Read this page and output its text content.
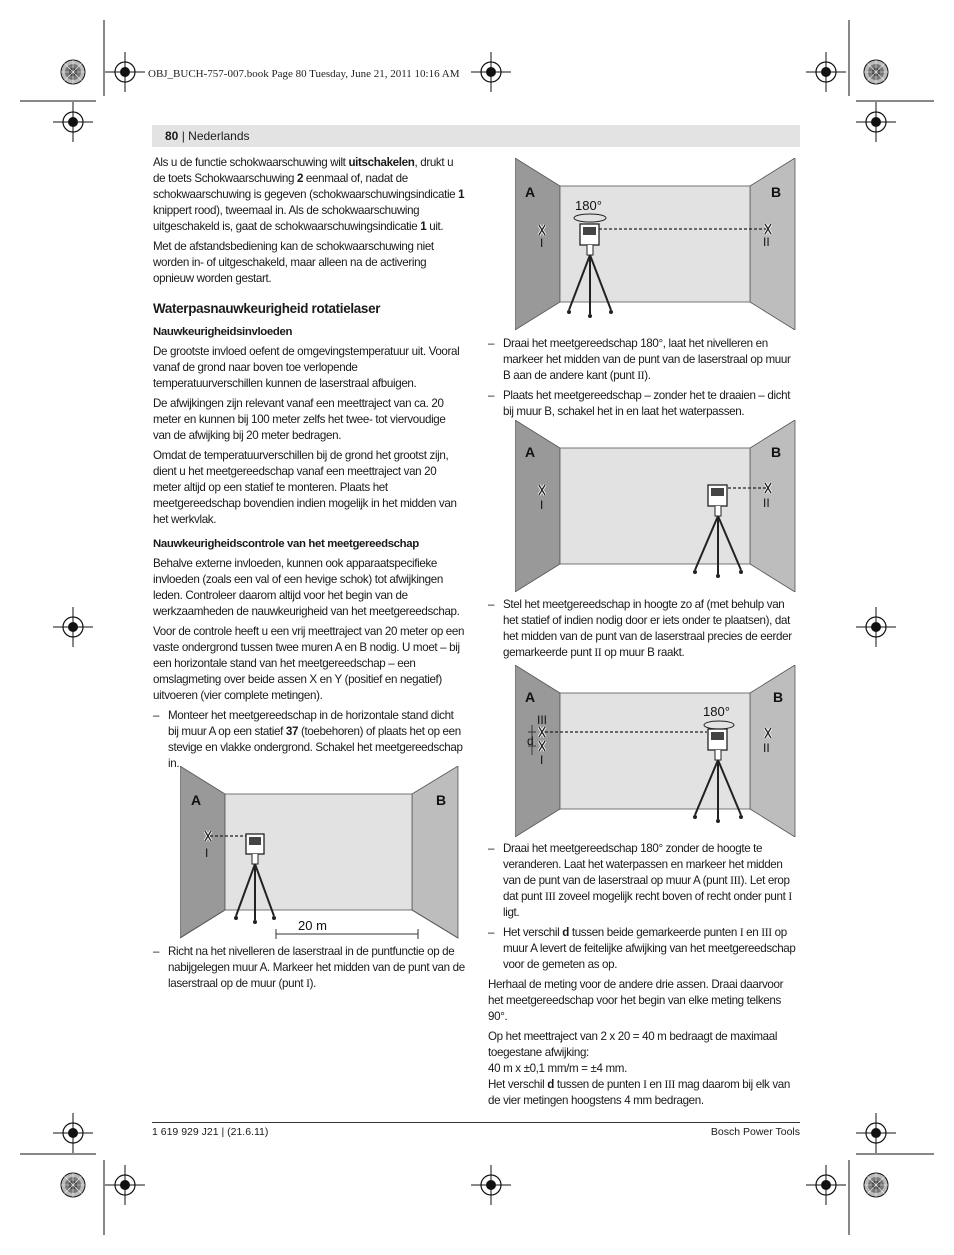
OBJ_BUCH-757-007.book Page 80 Tuesday, June 21, 2011 10:16 AM
80 | Nederlands

Als u de functie schokwaarschuwing wilt uitschakelen, drukt u de toets Schokwaarschuwing 2 eenmaal of, nadat de schokwaarschuwing is gegeven (schokwaarschuwingsindicatie 1 knippert rood), tweemaal in. Als de schokwaarschuwing uitgeschakeld is, gaat de schokwaarschuwingsindicatie 1 uit.

Met de afstandsbediening kan de schokwaarschuwing niet worden in- of uitgeschakeld, maar alleen na de activering opnieuw worden gestart.

Waterpasnauwkeurigheid rotatielaser

Nauwkeurigheidsinvloeden

De grootste invloed oefent de omgevingstemperatuur uit. Vooral vanaf de grond naar boven toe verlopende temperatuurverschillen kunnen de laserstraal afbuigen.

De afwijkingen zijn relevant vanaf een meettraject van ca. 20 meter en kunnen bij 100 meter zelfs het twee- tot viervoudige van de afwijking bij 20 meter bedragen.

Omdat de temperatuurverschillen bij de grond het grootst zijn, dient u het meetgereedschap vanaf een meettraject van 20 meter altijd op een statief te monteren. Plaats het meetgereedschap bovendien indien mogelijk in het midden van het werkvlak.

Nauwkeurigheidscontrole van het meetgereedschap

Behalve externe invloeden, kunnen ook apparaatspecifieke invloeden (zoals een val of een hevige schok) tot afwijkingen leden. Controleer daarom altijd voor het begin van de werkzaamheden de nauwkeurigheid van het meetgereedschap.

Voor de controle heeft u een vrij meettraject van 20 meter op een vaste ondergrond tussen twee muren A en B nodig. U moet – bij een horizontale stand van het meetgereedschap – een omslagmeting over beide assen X en Y (positief en negatief) uitvoeren (vier complete metingen).

– Monteer het meetgereedschap in de horizontale stand dicht bij muur A op een statief 37 (toebehoren) of plaats het op een stevige en vlakke ondergrond. Schakel het meetgereedschap in.

A	B
I
20 m

– Richt na het nivelleren de laserstraal in de puntfunctie op de nabijgelegen muur A. Markeer het midden van de punt van de laserstraal op de muur (punt I).

A	B
180°
I	II

– Draai het meetgereedschap 180°, laat het nivelleren en markeer het midden van de punt van de laserstraal op muur B aan de andere kant (punt II).

– Plaats het meetgereedschap – zonder het te draaien – dicht bij muur B, schakel het in en laat het waterpassen.

A	B
I	II

– Stel het meetgereedschap in hoogte zo af (met behulp van het statief of indien nodig door er iets onder te plaatsen), dat het midden van de punt van de laserstraal precies de eerder gemarkeerde punt II op muur B raakt.

A	B
180°
III
d
I
II

– Draai het meetgereedschap 180° zonder de hoogte te veranderen. Laat het waterpassen en markeer het midden van de punt van de laserstraal op muur A (punt III). Let erop dat punt III zoveel mogelijk recht boven of recht onder punt I ligt.

– Het verschil d tussen beide gemarkeerde punten I en III op muur A levert de feitelijke afwijking van het meetgereedschap voor de gemeten as op.

Herhaal de meting voor de andere drie assen. Draai daarvoor het meetgereedschap voor het begin van elke meting telkens 90°.

Op het meettraject van 2 x 20 = 40 m bedraagt de maximaal toegestane afwijking:

40 m x ±0,1 mm/m = ±4 mm.

Het verschil d tussen de punten I en III mag daarom bij elk van de vier metingen hoogstens 4 mm bedragen.

1 619 929 J21 | (21.6.11)	Bosch Power Tools
